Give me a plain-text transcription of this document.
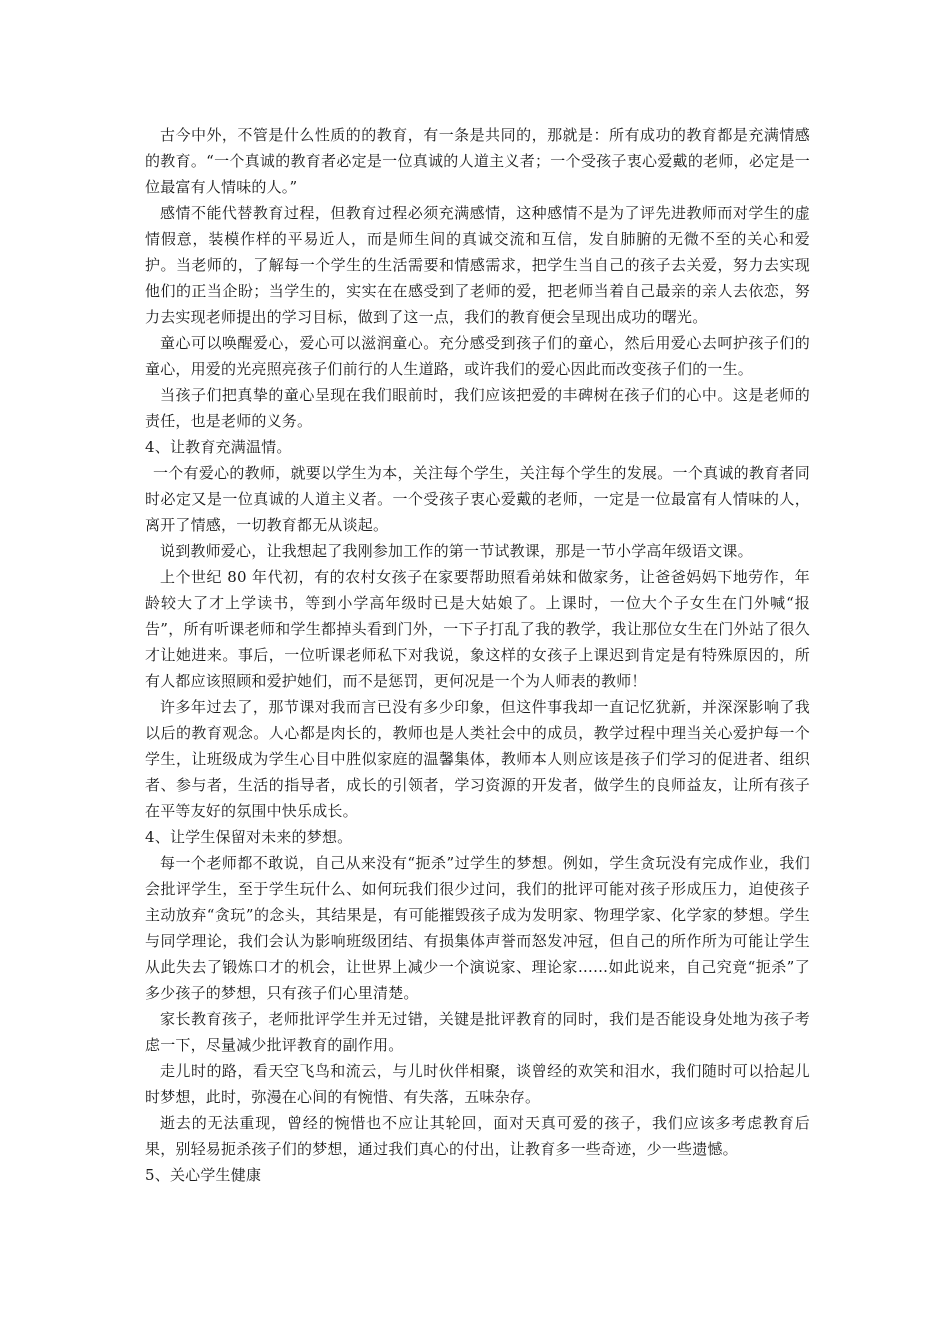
古今中外，不管是什么性质的的教育，有一条是共同的，那就是：所有成功的教育都是充满情感的教育。“一个真诚的教育者必定是一位真诚的人道主义者；一个受孩子衷心爱戴的老师，必定是一位最富有人情味的人。”

感情不能代替教育过程，但教育过程必须充满感情，这种感情不是为了评先进教师而对学生的虚情假意，装模作样的平易近人，而是师生间的真诚交流和互信，发自肺腑的无微不至的关心和爱护。当老师的，了解每一个学生的生活需要和情感需求，把学生当自己的孩子去关爱，努力去实现他们的正当企盼；当学生的，实实在在感受到了老师的爱，把老师当着自己最亲的亲人去依恋，努力去实现老师提出的学习目标，做到了这一点，我们的教育便会呈现出成功的曙光。

童心可以唤醒爱心，爱心可以滋润童心。充分感受到孩子们的童心，然后用爱心去呵护孩子们的童心，用爱的光亮照亮孩子们前行的人生道路，或许我们的爱心因此而改变孩子们的一生。

当孩子们把真挚的童心呈现在我们眼前时，我们应该把爱的丰碑树在孩子们的心中。这是老师的责任，也是老师的义务。

4、让教育充满温情。

一个有爱心的教师，就要以学生为本，关注每个学生，关注每个学生的发展。一个真诚的教育者同时必定又是一位真诚的人道主义者。一个受孩子衷心爱戴的老师，一定是一位最富有人情味的人，离开了情感，一切教育都无从谈起。

说到教师爱心，让我想起了我刚参加工作的第一节试教课，那是一节小学高年级语文课。

上个世纪 80 年代初，有的农村女孩子在家要帮助照看弟妹和做家务，让爸爸妈妈下地劳作，年龄较大了才上学读书，等到小学高年级时已是大姑娘了。上课时，一位大个子女生在门外喊“报告”，所有听课老师和学生都掉头看到门外，一下子打乱了我的教学，我让那位女生在门外站了很久才让她进来。事后，一位听课老师私下对我说，象这样的女孩子上课迟到肯定是有特殊原因的，所有人都应该照顾和爱护她们，而不是惩罚，更何况是一个为人师表的教师！

许多年过去了，那节课对我而言已没有多少印象，但这件事我却一直记忆犹新，并深深影响了我以后的教育观念。人心都是肉长的，教师也是人类社会中的成员，教学过程中理当关心爱护每一个学生，让班级成为学生心目中胜似家庭的温馨集体，教师本人则应该是孩子们学习的促进者、组织者、参与者，生活的指导者，成长的引领者，学习资源的开发者，做学生的良师益友，让所有孩子在平等友好的氛围中快乐成长。

4、让学生保留对未来的梦想。

每一个老师都不敢说，自己从来没有“扼杀”过学生的梦想。例如，学生贪玩没有完成作业，我们会批评学生，至于学生玩什么、如何玩我们很少过问，我们的批评可能对孩子形成压力，迫使孩子主动放弃“贪玩”的念头，其结果是，有可能摧毁孩子成为发明家、物理学家、化学家的梦想。学生与同学理论，我们会认为影响班级团结、有损集体声誉而怒发冲冠，但自己的所作所为可能让学生从此失去了锻炼口才的机会，让世界上减少一个演说家、理论家……如此说来，自己究竟“扼杀”了多少孩子的梦想，只有孩子们心里清楚。

家长教育孩子，老师批评学生并无过错，关键是批评教育的同时，我们是否能设身处地为孩子考虑一下，尽量减少批评教育的副作用。

走儿时的路，看天空飞鸟和流云，与儿时伙伴相聚，谈曾经的欢笑和泪水，我们随时可以拾起儿时梦想，此时，弥漫在心间的有惋惜、有失落，五味杂存。

逝去的无法重现，曾经的惋惜也不应让其轮回，面对天真可爱的孩子，我们应该多考虑教育后果，别轻易扼杀孩子们的梦想，通过我们真心的付出，让教育多一些奇迹，少一些遗憾。

5、关心学生健康
